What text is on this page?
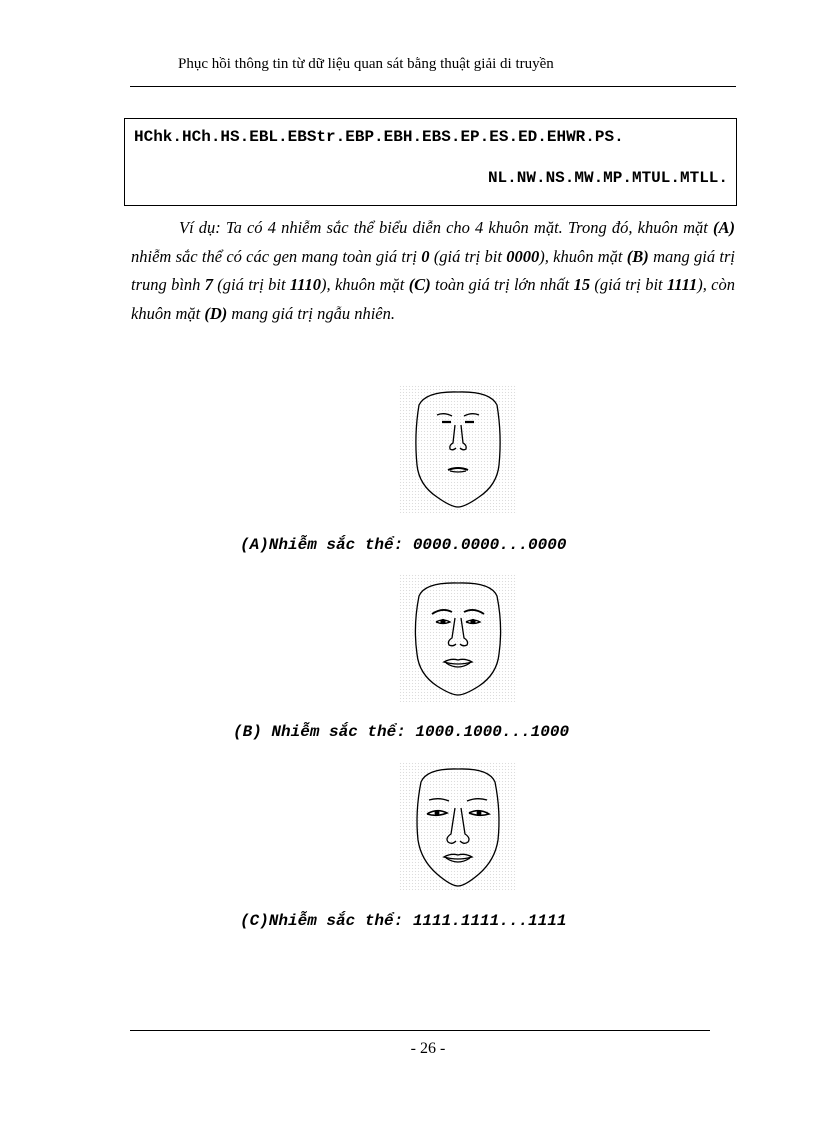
Phục hồi thông tin từ dữ liệu quan sát bằng thuật giải di truyền
HChk.HCh.HS.EBL.EBStr.EBP.EBH.EBS.EP.ES.ED.EHWR.PS.
NL.NW.NS.MW.MP.MTUL.MTLL.
Ví dụ: Ta có 4 nhiễm sắc thể biểu diễn cho 4 khuôn mặt. Trong đó, khuôn mặt (A) nhiễm sắc thể có các gen mang toàn giá trị 0 (giá trị bit 0000), khuôn mặt (B) mang giá trị trung bình 7 (giá trị bit 1110), khuôn mặt (C) toàn giá trị lớn nhất 15 (giá trị bit 1111), còn khuôn mặt (D) mang giá trị ngẫu nhiên.
(A)Nhiễm sắc thể: 0000.0000...0000
(B) Nhiễm sắc thể: 1000.1000...1000
(C)Nhiễm sắc thể: 1111.1111...1111
- 26 -
